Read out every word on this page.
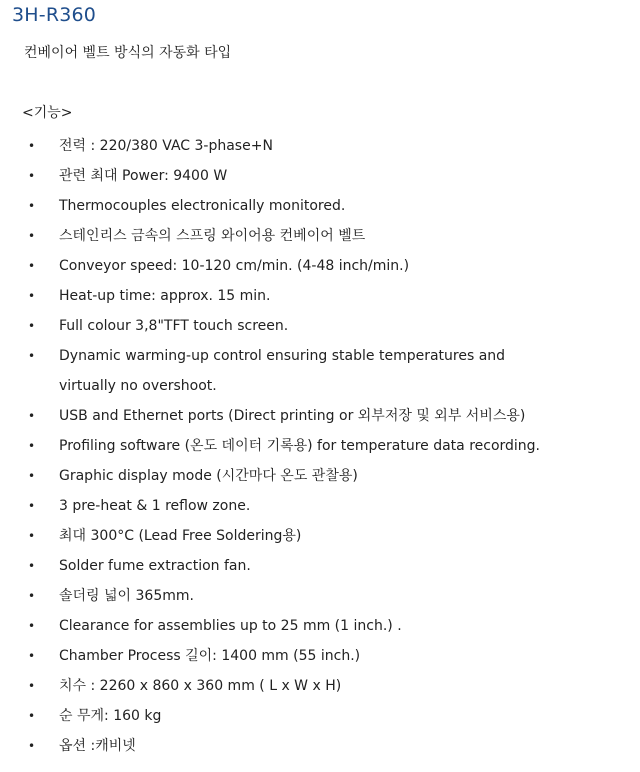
3H-R360
컨베이어 벨트 방식의 자동화 타입
<기능>
• 전력 : 220/380 VAC 3-phase+N
• 관련 최대 Power: 9400 W
• Thermocouples electronically monitored.
• 스테인리스 금속의 스프링 와이어용 컨베이어 벨트
• Conveyor speed: 10-120 cm/min. (4-48 inch/min.)
• Heat-up time: approx. 15 min.
• Full colour 3,8"TFT touch screen.
• Dynamic warming-up control ensuring stable temperatures and virtually no overshoot.
• USB and Ethernet ports (Direct printing or 외부저장 및 외부 서비스용)
• Profiling software (온도 데이터 기록용) for temperature data recording.
• Graphic display mode (시간마다 온도 관찰용)
• 3 pre-heat & 1 reflow zone.
• 최대 300°C (Lead Free Soldering용)
• Solder fume extraction fan.
• 솔더링 넓이 365mm.
• Clearance for assemblies up to 25 mm (1 inch.) .
• Chamber Process 길이: 1400 mm (55 inch.)
• 치수 : 2260 x 860 x 360 mm ( L x W x H)
• 순 무게: 160 kg
• 옵션 :캐비넷
